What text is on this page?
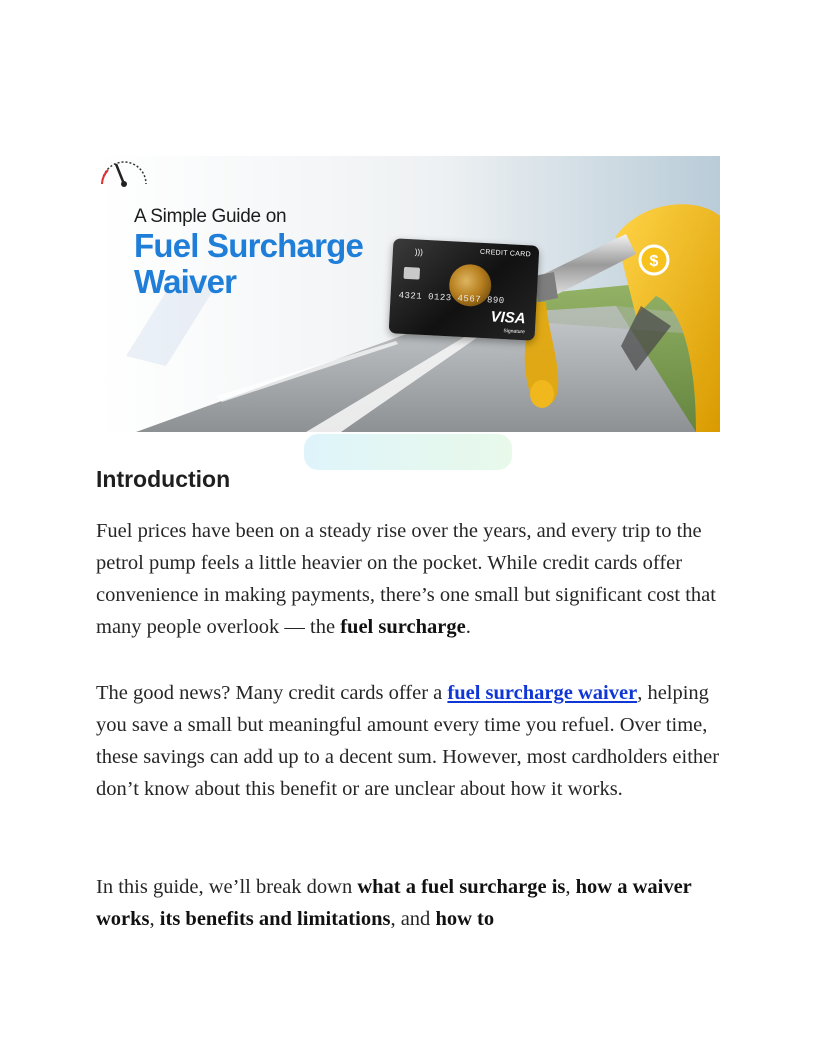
$
A Simple Guide on
Fuel Surcharge
Waiver
)))	CREDIT CARD
4321 0123 4567 890
VISA
Signature
Introduction

Fuel prices have been on a steady rise over the years, and every trip to the petrol pump feels a little heavier on the pocket. While credit cards offer convenience in making payments, there’s one small but significant cost that many people overlook — the fuel surcharge.

The good news? Many credit cards offer a fuel surcharge waiver, helping you save a small but meaningful amount every time you refuel. Over time, these savings can add up to a decent sum. However, most cardholders either don’t know about this benefit or are unclear about how it works.

In this guide, we’ll break down what a fuel surcharge is, how a waiver works, its benefits and limitations, and how to
